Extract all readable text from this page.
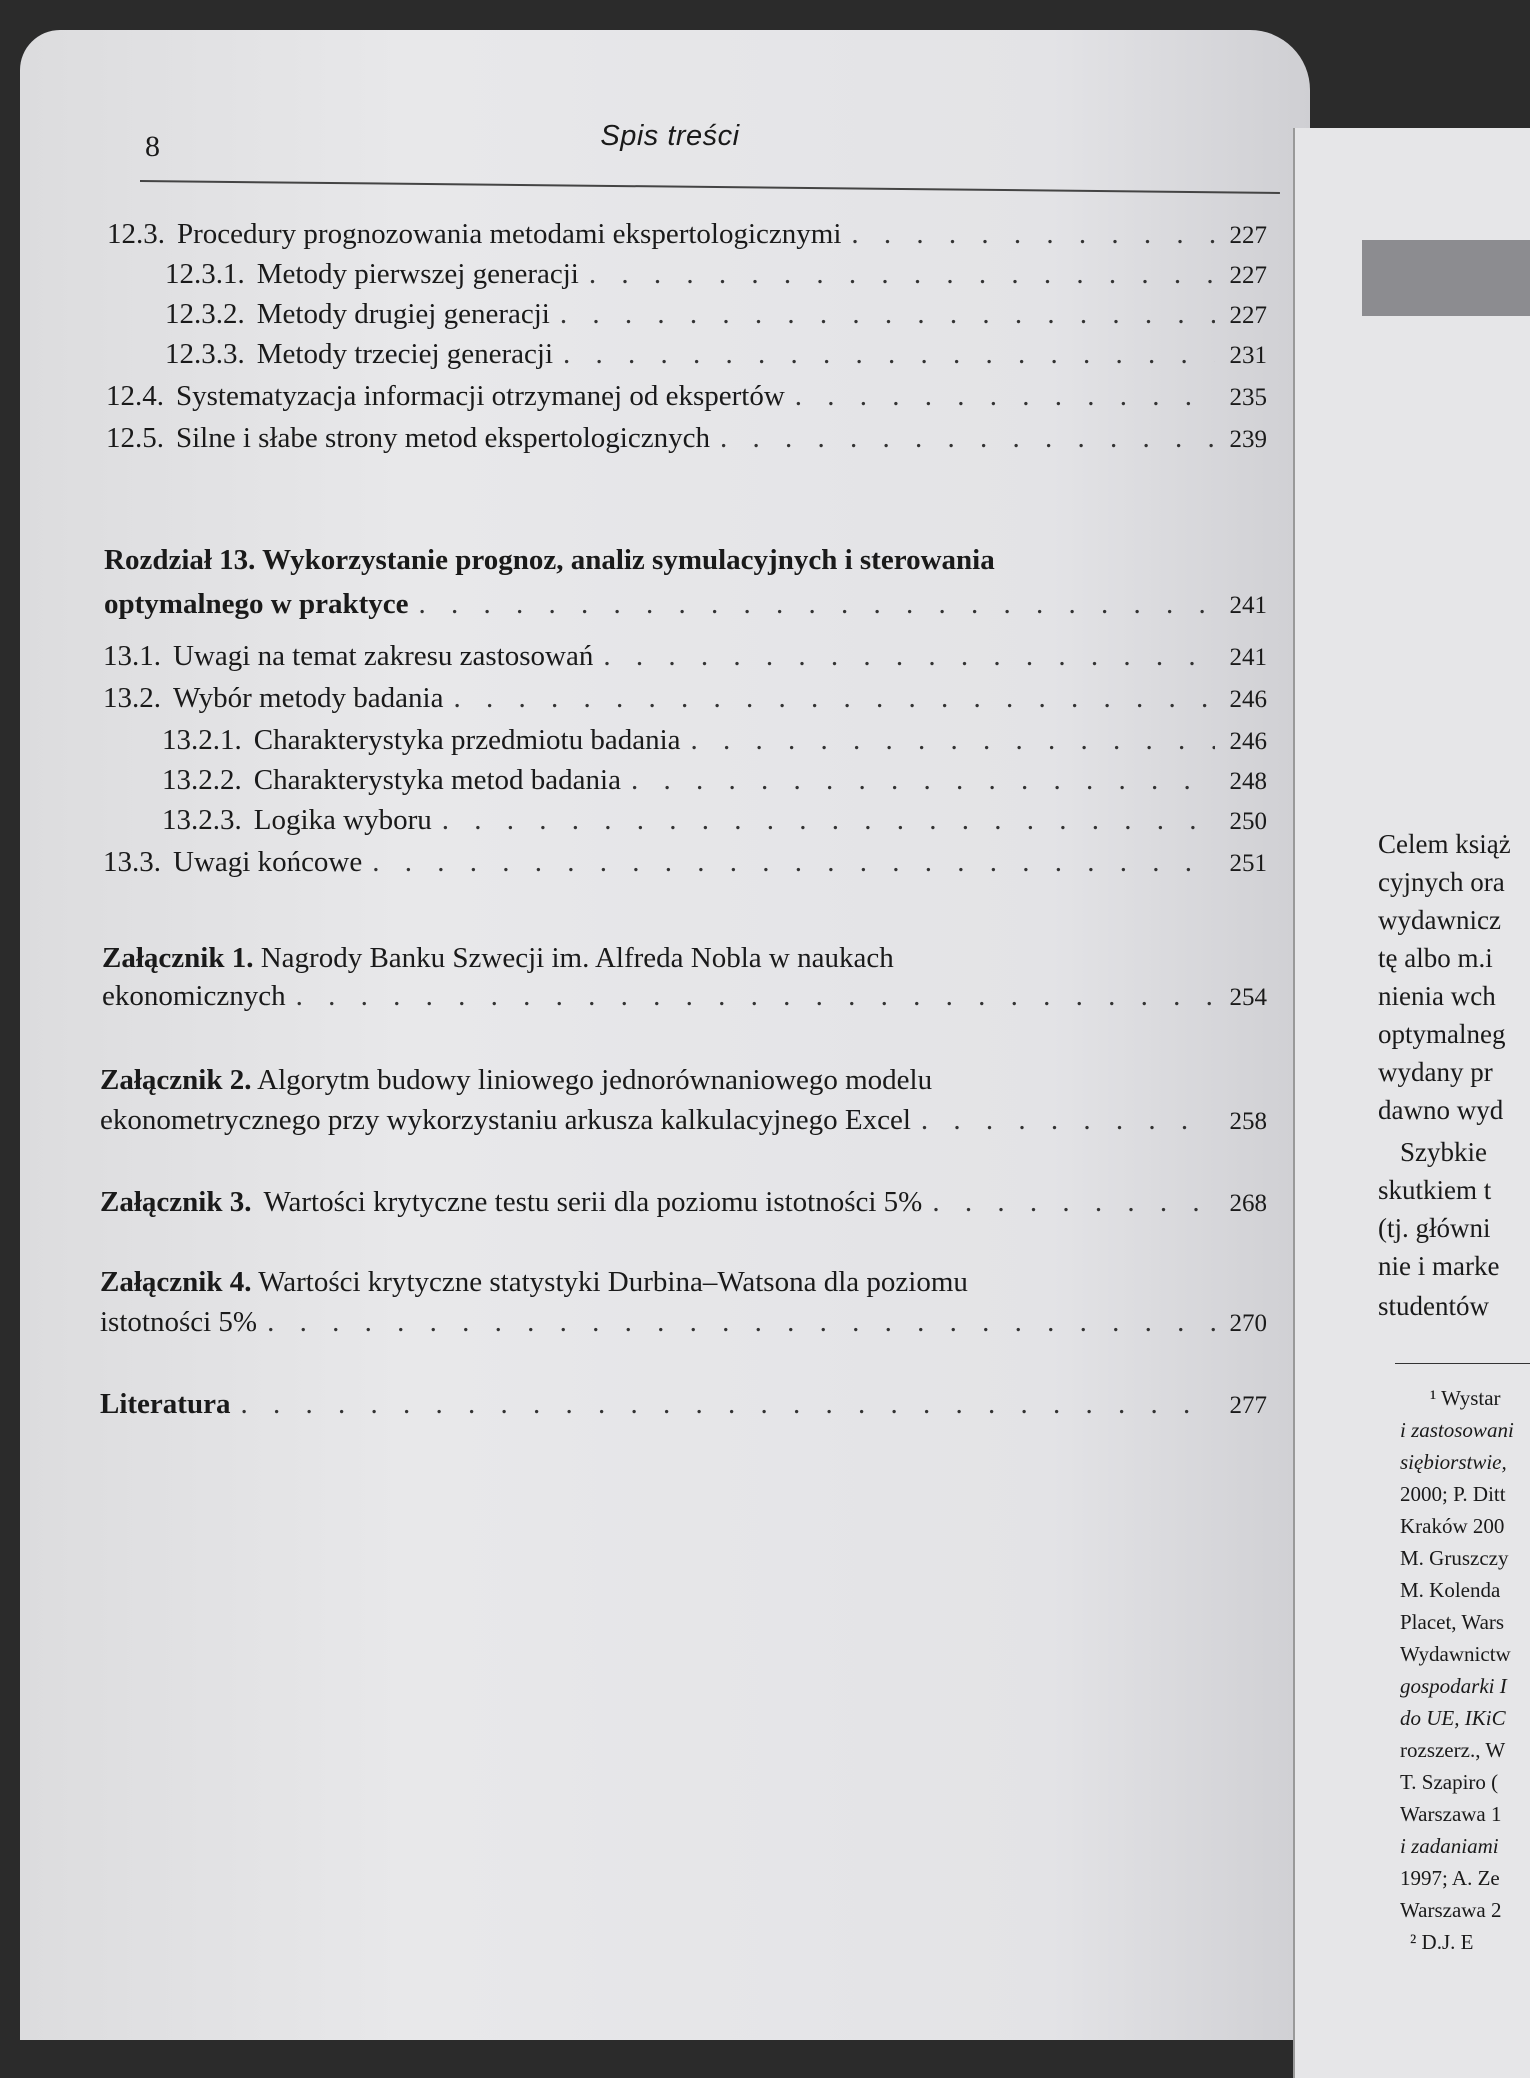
8	Spis treści
12.3. Procedury prognozowania metodami ekspertologicznymi . . .	227
12.3.1. Metody pierwszej generacji . . .	227
12.3.2. Metody drugiej generacji . . .	227
12.3.3. Metody trzeciej generacji . . .	231
12.4. Systematyzacja informacji otrzymanej od ekspertów . . .	235
12.5. Silne i słabe strony metod ekspertologicznych . . .	239
Rozdział 13. Wykorzystanie prognoz, analiz symulacyjnych i sterowania
optymalnego w praktyce . . .	241
13.1. Uwagi na temat zakresu zastosowań . . .	241
13.2. Wybór metody badania . . .	246
13.2.1. Charakterystyka przedmiotu badania . . .	246
13.2.2. Charakterystyka metod badania . . .	248
13.2.3. Logika wyboru . . .	250
13.3. Uwagi końcowe . . .	251
Załącznik 1. Nagrody Banku Szwecji im. Alfreda Nobla w naukach
ekonomicznych . . .	254
Załącznik 2. Algorytm budowy liniowego jednorównaniowego modelu
ekonometrycznego przy wykorzystaniu arkusza kalkulacyjnego Excel . . .	258
Załącznik 3. Wartości krytyczne testu serii dla poziomu istotności 5% . . .	268
Załącznik 4. Wartości krytyczne statystyki Durbina–Watsona dla poziomu
istotności 5% . . .	270
Literatura . . .	277
Celem książ
cyjnych ora
wydawnicz
tę albo m.i
nienia wch
optymalneg
wydany pr
dawno wyd
Szybkie
skutkiem t
(tj. główni
nie i marke
studentów
¹ Wystar
i zastosowani
siębiorstwie,
2000; P. Ditt
Kraków 200
M. Gruszczy
M. Kolenda
Placet, Wars
Wydawnictw
gospodarki I
do UE, IKiC
rozszerz., W
T. Szapiro (
Warszawa 1
i zadaniami
1997; A. Ze
Warszawa 2
² D.J. E
